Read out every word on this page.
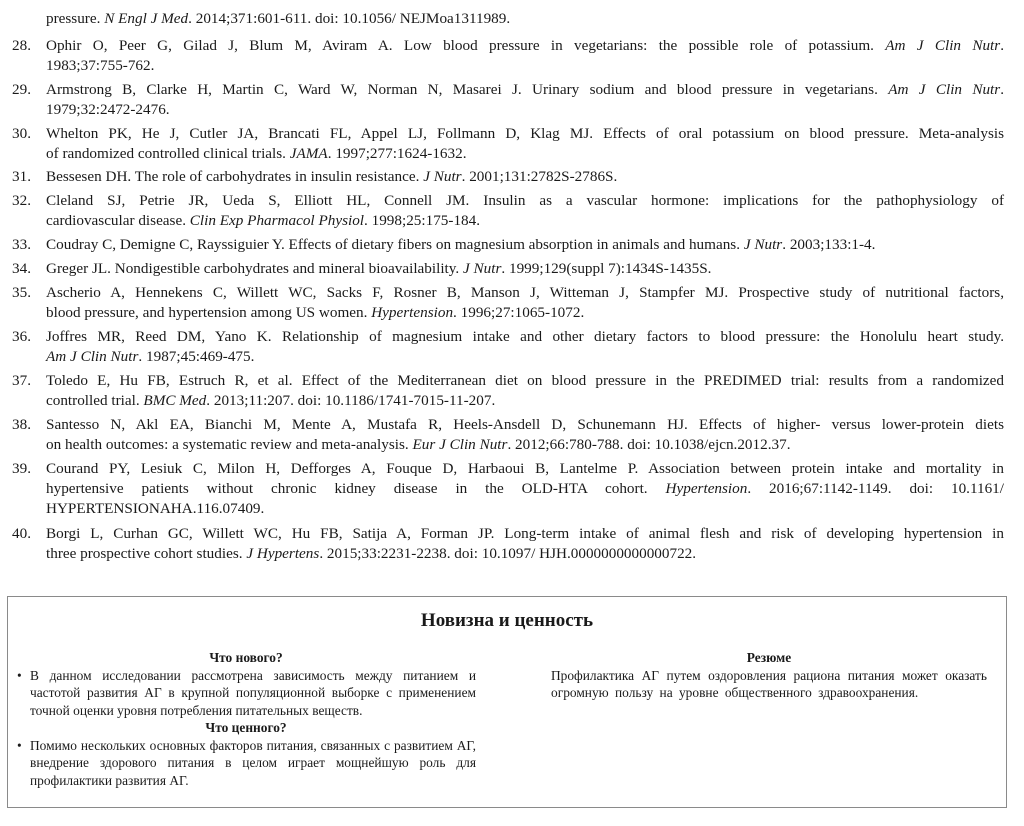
pressure. N Engl J Med. 2014;371:601-611. doi: 10.1056/ NEJMoa1311989.
28. Ophir O, Peer G, Gilad J, Blum M, Aviram A. Low blood pressure in vegetarians: the possible role of potassium. Am J Clin Nutr.
1983;37:755-762.
29. Armstrong B, Clarke H, Martin C, Ward W, Norman N, Masarei J. Urinary sodium and blood pressure in vegetarians. Am J Clin Nutr.
1979;32:2472-2476.
30. Whelton PK, He J, Cutler JA, Brancati FL, Appel LJ, Follmann D, Klag MJ. Effects of oral potassium on blood pressure. Meta-analysis
of randomized controlled clinical trials. JAMA. 1997;277:1624-1632.
31. Bessesen DH. The role of carbohydrates in insulin resistance. J Nutr. 2001;131:2782S-2786S.
32. Cleland SJ, Petrie JR, Ueda S, Elliott HL, Connell JM. Insulin as a vascular hormone: implications for the pathophysiology of
cardiovascular disease. Clin Exp Pharmacol Physiol. 1998;25:175-184.
33. Coudray C, Demigne C, Rayssiguier Y. Effects of dietary fibers on magnesium absorption in animals and humans. J Nutr. 2003;133:1-4.
34. Greger JL. Nondigestible carbohydrates and mineral bioavailability. J Nutr. 1999;129(suppl 7):1434S-1435S.
35. Ascherio A, Hennekens C, Willett WC, Sacks F, Rosner B, Manson J, Witteman J, Stampfer MJ. Prospective study of nutritional factors,
blood pressure, and hypertension among US women. Hypertension. 1996;27:1065-1072.
36. Joffres MR, Reed DM, Yano K. Relationship of magnesium intake and other dietary factors to blood pressure: the Honolulu heart study.
Am J Clin Nutr. 1987;45:469-475.
37. Toledo E, Hu FB, Estruch R, et al. Effect of the Mediterranean diet on blood pressure in the PREDIMED trial: results from a randomized
controlled trial. BMC Med. 2013;11:207. doi: 10.1186/1741-7015-11-207.
38. Santesso N, Akl EA, Bianchi M, Mente A, Mustafa R, Heels-Ansdell D, Schunemann HJ. Effects of higher- versus lower-protein diets
on health outcomes: a systematic review and meta-analysis. Eur J Clin Nutr. 2012;66:780-788. doi: 10.1038/ejcn.2012.37.
39. Courand PY, Lesiuk C, Milon H, Defforges A, Fouque D, Harbaoui B, Lantelme P. Association between protein intake and mortality in
hypertensive patients without chronic kidney disease in the OLD-HTA cohort. Hypertension. 2016;67:1142-1149. doi: 10.1161/
HYPERTENSIONAHA.116.07409.
40. Borgi L, Curhan GC, Willett WC, Hu FB, Satija A, Forman JP. Long-term intake of animal flesh and risk of developing hypertension in
three prospective cohort studies. J Hypertens. 2015;33:2231-2238. doi: 10.1097/ HJH.0000000000000722.
Новизна и ценность
Что нового?
• В данном исследовании рассмотрена зависимость между питанием и частотой развития АГ в крупной популяционной выборке с применением точной оценки уровня потребления питательных веществ.
Что ценного?
• Помимо нескольких основных факторов питания, связанных с развитием АГ, внедрение здорового питания в целом играет мощнейшую роль для профилактики развития АГ.
Резюме
Профилактика АГ путем оздоровления рациона питания может оказать огромную пользу на уровне общественного здравоохранения.
